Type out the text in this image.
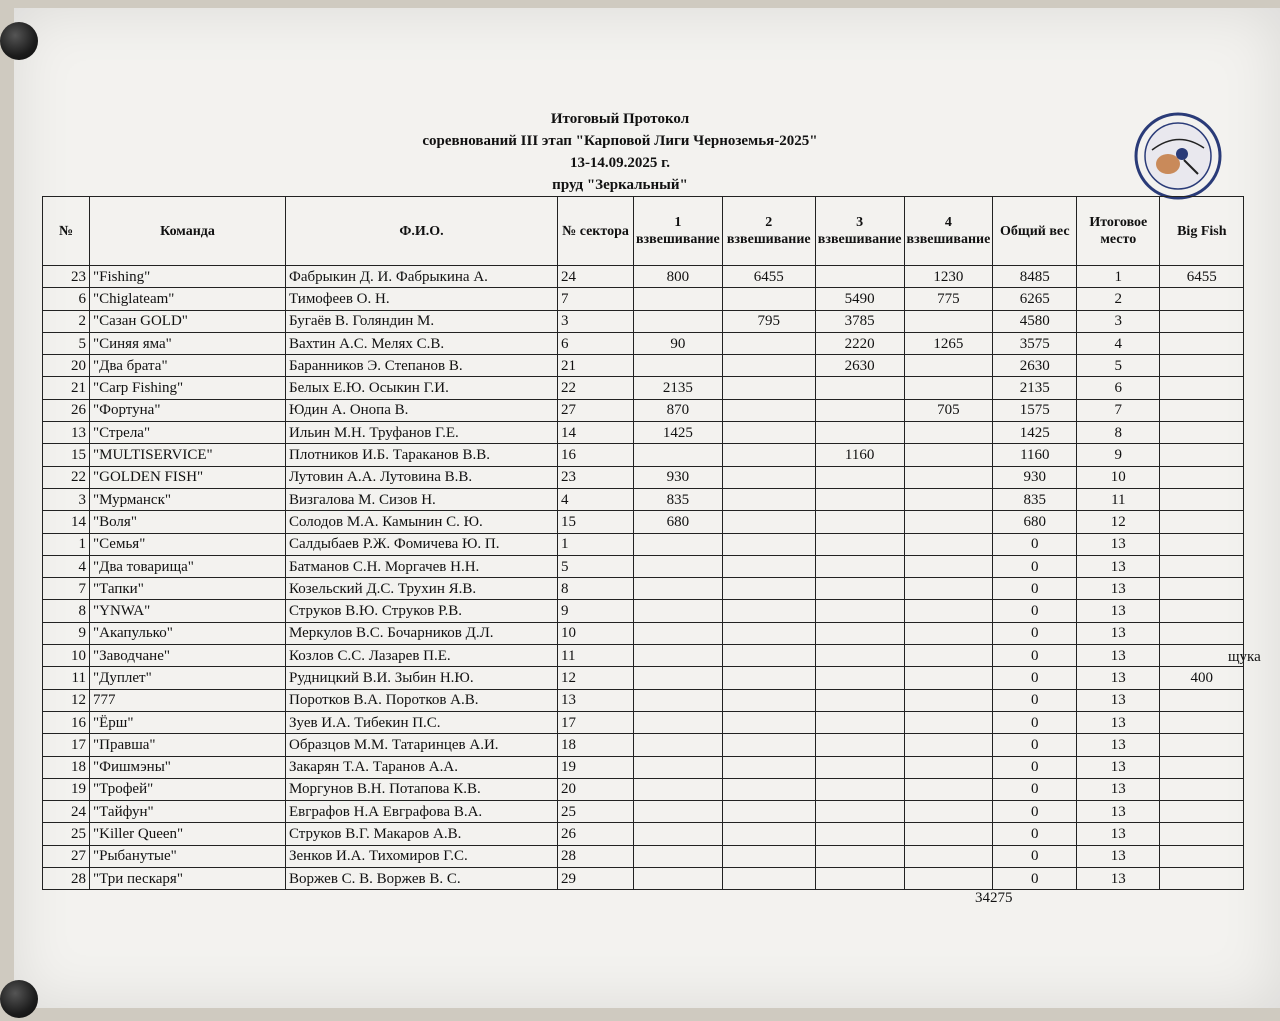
Итоговый Протокол
соревнований III этап "Карповой Лиги Черноземья-2025"
13-14.09.2025 г.
пруд "Зеркальный"
№	Команда	Ф.И.О.	№ сектора	1 взвешивание	2 взвешивание	3 взвешивание	4 взвешивание	Общий вес	Итоговое место	Big Fish
23	"Fishing"	Фабрыкин Д. И. Фабрыкина А.	24	800	6455		1230	8485	1	6455
6	"Chiglateam"	Тимофеев О. Н.	7			5490	775	6265	2	
2	"Сазан GOLD"	Бугаёв В. Голяндин М.	3		795	3785		4580	3	
5	"Синяя яма"	Вахтин А.С. Мелях С.В.	6	90		2220	1265	3575	4	
20	"Два брата"	Баранников Э. Степанов В.	21			2630		2630	5	
21	"Carp Fishing"	Белых Е.Ю. Осыкин Г.И.	22	2135				2135	6	
26	"Фортуна"	Юдин А. Онопа В.	27	870			705	1575	7	
13	"Стрела"	Ильин М.Н. Труфанов Г.Е.	14	1425				1425	8	
15	"MULTISERVICE"	Плотников И.Б. Тараканов В.В.	16			1160		1160	9	
22	"GOLDEN FISH"	Лутовин А.А. Лутовина В.В.	23	930				930	10	
3	"Мурманск"	Визгалова М. Сизов Н.	4	835				835	11	
14	"Воля"	Солодов М.А. Камынин С. Ю.	15	680				680	12	
1	"Семья"	Салдыбаев Р.Ж. Фомичева Ю. П.	1					0	13	
4	"Два товарища"	Батманов С.Н. Моргачев Н.Н.	5					0	13	
7	"Тапки"	Козельский Д.С. Трухин Я.В.	8					0	13	
8	"YNWA"	Струков В.Ю. Струков Р.В.	9					0	13	
9	"Акапулько"	Меркулов В.С. Бочарников Д.Л.	10					0	13	
10	"Заводчане"	Козлов С.С. Лазарев П.Е.	11					0	13	
11	"Дуплет"	Рудницкий В.И. Зыбин Н.Ю.	12					0	13	400
12	777	Поротков В.А. Поротков А.В.	13					0	13	
16	"Ёрш"	Зуев И.А. Тибекин П.С.	17					0	13	
17	"Правша"	Образцов М.М. Татаринцев А.И.	18					0	13	
18	"Фишмэны"	Закарян Т.А. Таранов А.А.	19					0	13	
19	"Трофей"	Моргунов В.Н. Потапова К.В.	20					0	13	
24	"Тайфун"	Евграфов Н.А Евграфова В.А.	25					0	13	
25	"Killer Queen"	Струков В.Г. Макаров А.В.	26					0	13	
27	"Рыбанутые"	Зенков И.А. Тихомиров Г.С.	28					0	13	
28	"Три пескаря"	Воржев С. В. Воржев В. С.	29					0	13	
34275
щука
